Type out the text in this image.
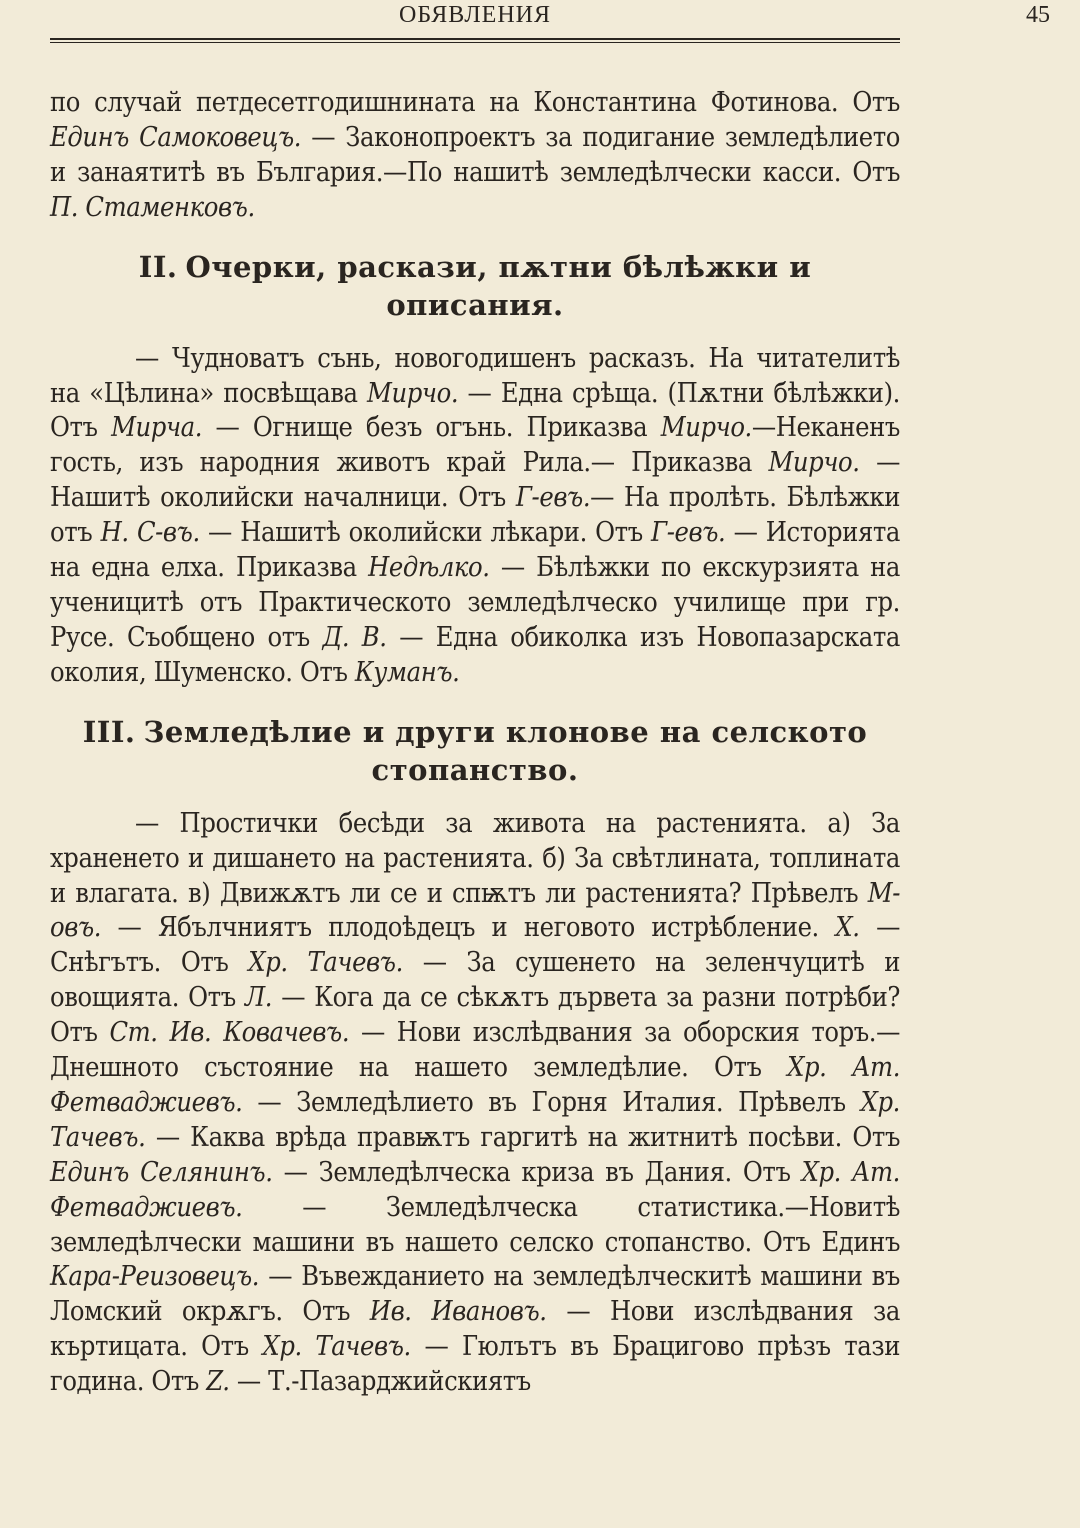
ОБЯВЛЕНИЯ	45

по случай петдесетгодишнината на Константина Фотинова. Отъ Единъ Самоковецъ. — Законопроектъ за подигание земледѣлието и занаятитѣ въ България.—По нашитѣ земледѣлчески касси. Отъ П. Стаменковъ.

II. Очерки, раскази, пѫтни бѣлѣжки и описания.

— Чудноватъ сънь, новогодишенъ расказъ. На читателитѣ на «Цѣлина» посвѣщава Мирчо. — Една срѣща. (Пѫтни бѣлѣжки). Отъ Мирча. — Огнище безъ огънь. Приказва Мирчо.—Неканенъ гость, изъ народния животъ край Рила.— Приказва Мирчо. — Нашитѣ околийски началници. Отъ Г-евъ.— На пролѣть. Бѣлѣжки отъ Н. С-въ. — Нашитѣ околийски лѣкари. Отъ Г-евъ. — Историята на една елха. Приказва Недѣлко. — Бѣлѣжки по екскурзията на ученицитѣ отъ Практическото земледѣлческо училище при гр. Русе. Съобщено отъ Д. В. — Една обиколка изъ Новопазарската околия, Шуменско. Отъ Куманъ.

III. Земледѣлие и други клонове на селското стопанство.

— Простички бесѣди за живота на растенията. а) За храненето и дишането на растенията. б) За свѣтлината, топлината и влагата. в) Движѫтъ ли се и спѭтъ ли растенията? Прѣвелъ М-овъ. — Ябълчниятъ плодоѣдецъ и неговото истрѣбление. Х. — Снѣгътъ. Отъ Хр. Тачевъ. — За сушенето на зеленчуцитѣ и овощията. Отъ Л. — Кога да се сѣкѫтъ дървета за разни потрѣби? Отъ Ст. Ив. Ковачевъ. — Нови изслѣдвания за оборския торъ.—Днешното състояние на нашето земледѣлие. Отъ Хр. Ат. Фетваджиевъ. — Земледѣлието въ Горня Италия. Прѣвелъ Хр. Тачевъ. — Каква врѣда правѭтъ гаргитѣ на житнитѣ посѣви. Отъ Единъ Селянинъ. — Земледѣлческа криза въ Дания. Отъ Хр. Ат. Фетваджиевъ. — Земледѣлческа статистика.—Новитѣ земледѣлчески машини въ нашето селско стопанство. Отъ Единъ Кара-Реизовецъ. — Въвежданието на земледѣлческитѣ машини въ Ломский окрѫгъ. Отъ Ив. Ивановъ. — Нови изслѣдвания за къртицата. Отъ Хр. Тачевъ. — Гюлътъ въ Брацигово прѣзъ тази година. Отъ Z. — Т.-Пазарджийскиятъ
